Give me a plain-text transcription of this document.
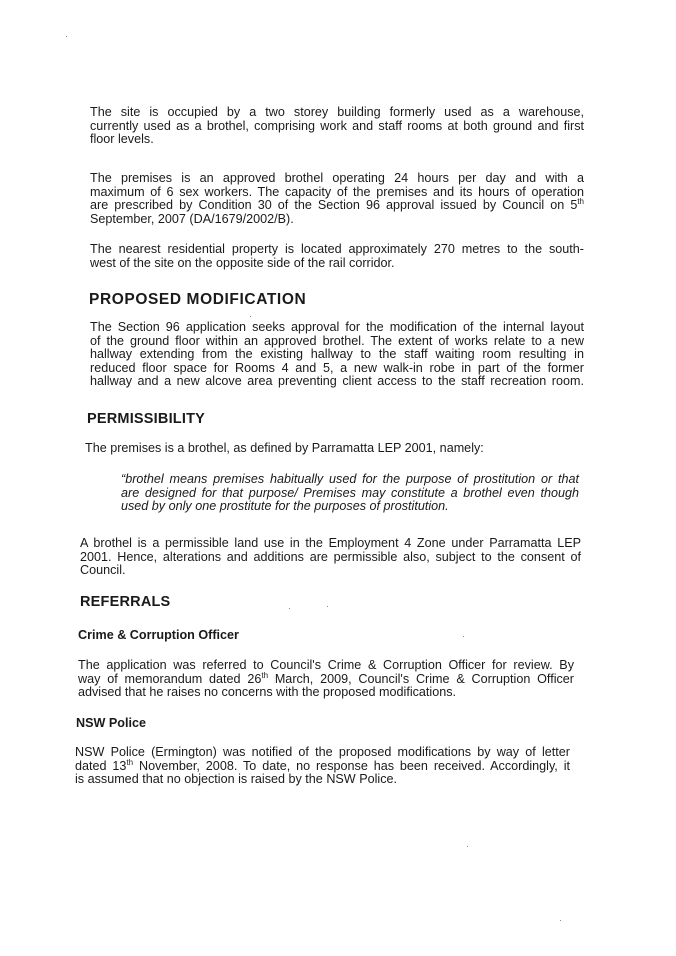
The site is occupied by a two storey building formerly used as a warehouse,
currently used as a brothel, comprising work and staff rooms at both ground and first
floor levels.

The premises is an approved brothel operating 24 hours per day and with a
maximum of 6 sex workers. The capacity of the premises and its hours of operation
are prescribed by Condition 30 of the Section 96 approval issued by Council on 5th
September, 2007 (DA/1679/2002/B).

The nearest residential property is located approximately 270 metres to the south-
west of the site on the opposite side of the rail corridor.

PROPOSED MODIFICATION

The Section 96 application seeks approval for the modification of the internal layout
of the ground floor within an approved brothel. The extent of works relate to a new
hallway extending from the existing hallway to the staff waiting room resulting in
reduced floor space for Rooms 4 and 5, a new walk-in robe in part of the former
hallway and a new alcove area preventing client access to the staff recreation room.

PERMISSIBILITY

The premises is a brothel, as defined by Parramatta LEP 2001, namely:

“brothel means premises habitually used for the purpose of prostitution or that
are designed for that purpose/ Premises may constitute a brothel even though
used by only one prostitute for the purposes of prostitution.

A brothel is a permissible land use in the Employment 4 Zone under Parramatta LEP
2001. Hence, alterations and additions are permissible also, subject to the consent of
Council.

REFERRALS
Crime & Corruption Officer

The application was referred to Council's Crime & Corruption Officer for review. By
way of memorandum dated 26th March, 2009, Council's Crime & Corruption Officer
advised that he raises no concerns with the proposed modifications.

NSW Police

NSW Police (Ermington) was notified of the proposed modifications by way of letter
dated 13th November, 2008. To date, no response has been received. Accordingly, it
is assumed that no objection is raised by the NSW Police.
